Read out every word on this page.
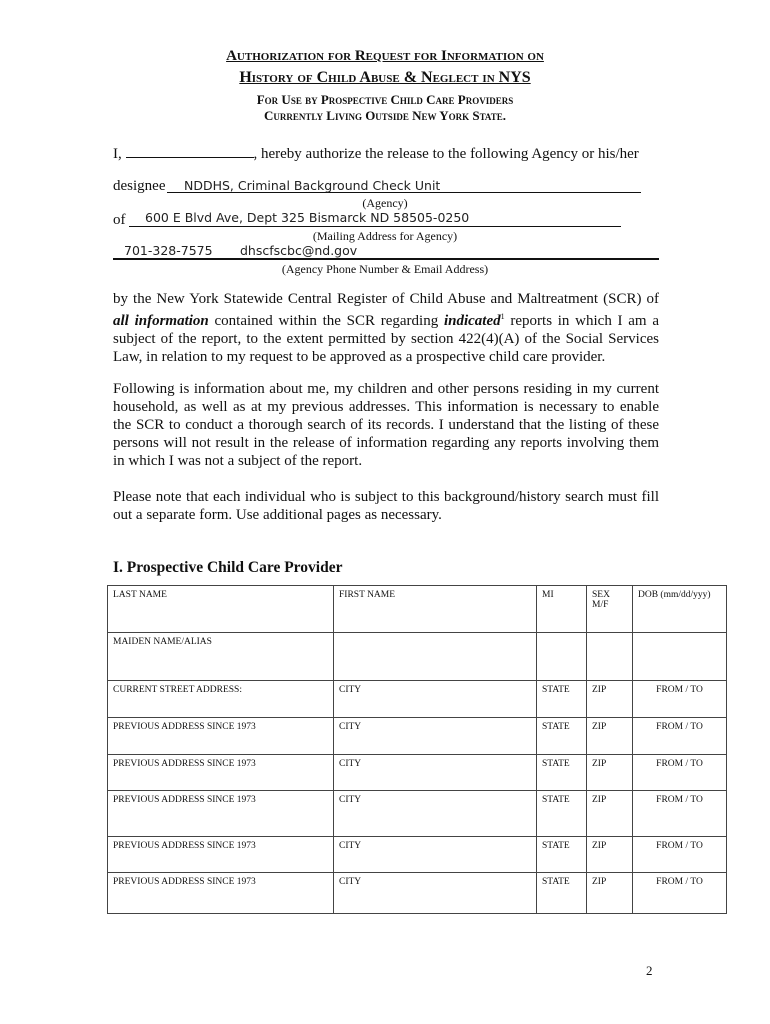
Authorization for Request for Information on
History of Child Abuse & Neglect in NYS
For Use by Prospective Child Care Providers
Currently Living Outside New York State.
I,	, hereby authorize the release to the following Agency or his/her
designee NDDHS, Criminal Background Check Unit
(Agency)
of 600 E Blvd Ave, Dept 325 Bismarck ND 58505-0250
(Mailing Address for Agency)
701-328-7575 dhscfscbc@nd.gov
(Agency Phone Number & Email Address)
by the New York Statewide Central Register of Child Abuse and Maltreatment (SCR) of all information contained within the SCR regarding indicated$^1$ reports in which I am a subject of the report, to the extent permitted by section 422(4)(A) of the Social Services Law, in relation to my request to be approved as a prospective child care provider.
Following is information about me, my children and other persons residing in my current household, as well as at my previous addresses. This information is necessary to enable the SCR to conduct a thorough search of its records. I understand that the listing of these persons will not result in the release of information regarding any reports involving them in which I was not a subject of the report.
Please note that each individual who is subject to this background/history search must fill out a separate form. Use additional pages as necessary.
I. Prospective Child Care Provider
LAST NAME	FIRST NAME	MI	SEX M/F	DOB (mm/dd/yyy)
MAIDEN NAME/ALIAS				
CURRENT STREET ADDRESS:	CITY	STATE	ZIP	FROM / TO
PREVIOUS ADDRESS SINCE 1973	CITY	STATE	ZIP	FROM / TO
PREVIOUS ADDRESS SINCE 1973	CITY	STATE	ZIP	FROM / TO
PREVIOUS ADDRESS SINCE 1973	CITY	STATE	ZIP	FROM / TO
PREVIOUS ADDRESS SINCE 1973	CITY	STATE	ZIP	FROM / TO
PREVIOUS ADDRESS SINCE 1973	CITY	STATE	ZIP	FROM / TO
2
